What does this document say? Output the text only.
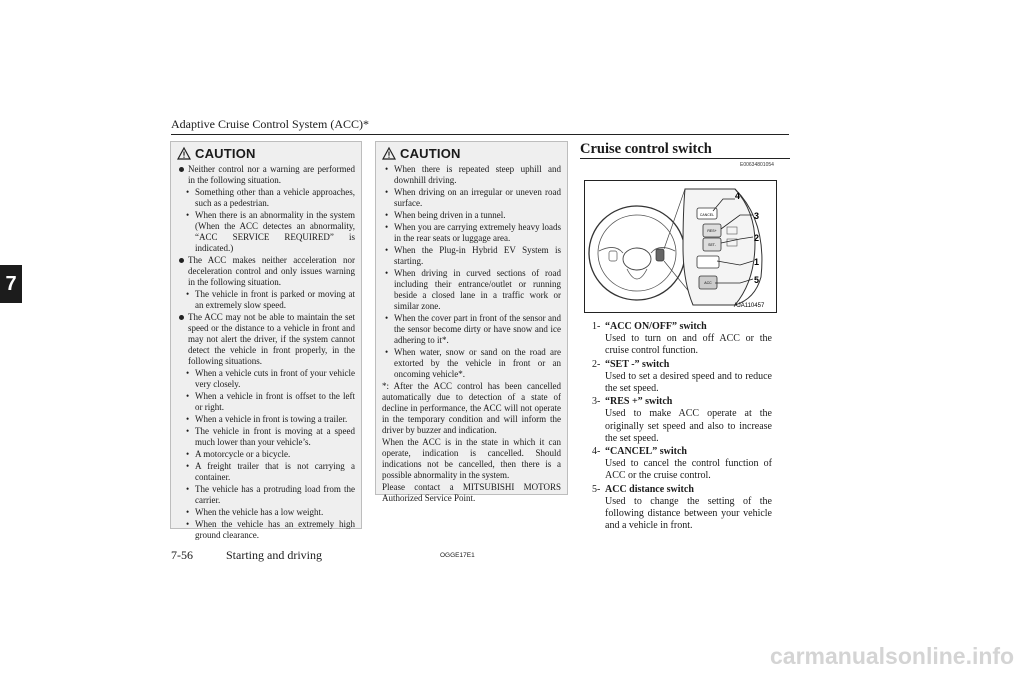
Adaptive Cruise Control System (ACC)*
7
CAUTION
Neither control nor a warning are performed in the following situation.
• Something other than a vehicle approaches, such as a pedestrian.
• When there is an abnormality in the system (When the ACC detectes an abnormality, “ACC SERVICE REQUIRED” is indicated.)
The ACC makes neither acceleration nor deceleration control and only issues warning in the following situation.
• The vehicle in front is parked or moving at an extremely slow speed.
The ACC may not be able to maintain the set speed or the distance to a vehicle in front and may not alert the driver, if the system cannot detect the vehicle in front properly, in the following situations.
• When a vehicle cuts in front of your vehicle very closely.
• When a vehicle in front is offset to the left or right.
• When a vehicle in front is towing a trailer.
• The vehicle in front is moving at a speed much lower than your vehicle’s.
• A motorcycle or a bicycle.
• A freight trailer that is not carrying a container.
• The vehicle has a protruding load from the carrier.
• When the vehicle has a low weight.
• When the vehicle has an extremely high ground clearance.
CAUTION
• When there is repeated steep uphill and downhill driving.
• When driving on an irregular or uneven road surface.
• When being driven in a tunnel.
• When you are carrying extremely heavy loads in the rear seats or luggage area.
• When the Plug-in Hybrid EV System is starting.
• When driving in curved sections of road including their entrance/outlet or running beside a closed lane in a traffic work or similar zone.
• When the cover part in front of the sensor and the sensor become dirty or have snow and ice adhering to it*.
• When water, snow or sand on the road are extorted by the vehicle in front or an oncoming vehicle*.
*: After the ACC control has been cancelled automatically due to detection of a state of decline in performance, the ACC will not operate in the temporary condition and will inform the driver by buzzer and indication.
When the ACC is in the state in which it can operate, indication is cancelled. Should indications not be cancelled, then there is a possible abnormality in the system.
Please contact a MITSUBISHI MOTORS Authorized Service Point.
Cruise control switch
E00634801054
CANCEL
RES+
SET-
ACC
4
3
2
1
5
AJA110457
1- “ACC ON/OFF” switch
Used to turn on and off ACC or the cruise control function.
2- “SET -” switch
Used to set a desired speed and to reduce the set speed.
3- “RES +” switch
Used to make ACC operate at the originally set speed and also to increase the set speed.
4- “CANCEL” switch
Used to cancel the control function of ACC or the cruise control.
5- ACC distance switch
Used to change the setting of the following distance between your vehicle and a vehicle in front.
7-56	Starting and driving	OGGE17E1
carmanualsonline.info
